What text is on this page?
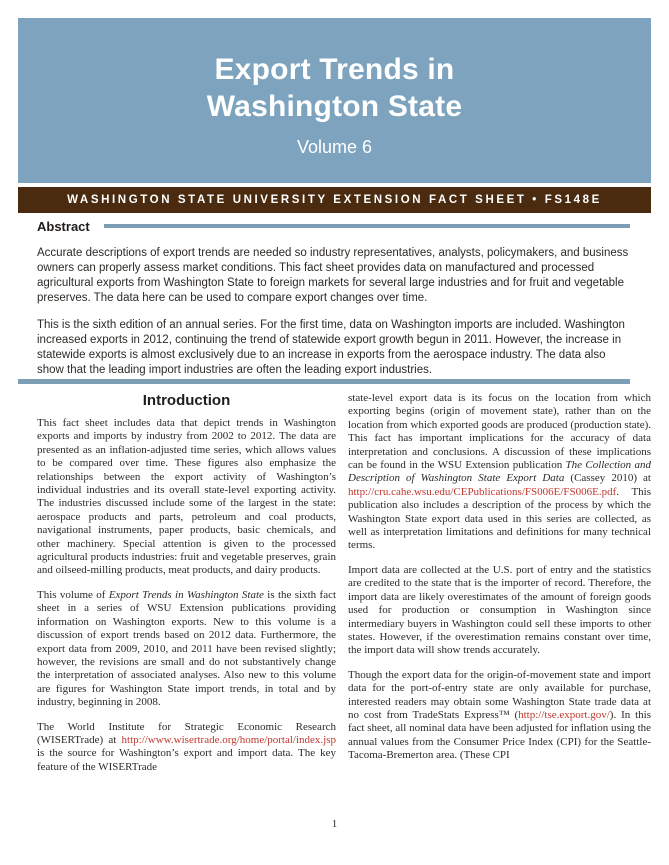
Export Trends in
Washington State
Volume 6
WASHINGTON STATE UNIVERSITY EXTENSION FACT SHEET • FS148E
Abstract

Accurate descriptions of export trends are needed so industry representatives, analysts, policymakers, and business owners can properly assess market conditions. This fact sheet provides data on manufactured and processed agricultural exports from Washington State to foreign markets for several large industries and for fruit and vegetable preserves. The data here can be used to compare export changes over time.

This is the sixth edition of an annual series. For the first time, data on Washington imports are included. Washington increased exports in 2012, continuing the trend of statewide export growth begun in 2011. However, the increase in statewide exports is almost exclusively due to an increase in exports from the aerospace industry. The data also show that the leading import industries are often the leading export industries.

Introduction

This fact sheet includes data that depict trends in Washington exports and imports by industry from 2002 to 2012. The data are presented as an inflation-adjusted time series, which allows values to be compared over time. These figures also emphasize the relationships between the export activity of Washington’s individual industries and its overall state-level exporting activity. The industries discussed include some of the largest in the state: aerospace products and parts, petroleum and coal products, navigational instruments, paper products, basic chemicals, and other machinery. Special attention is given to the processed agricultural products industries: fruit and vegetable preserves, grain and oilseed-milling products, meat products, and dairy products.

This volume of Export Trends in Washington State is the sixth fact sheet in a series of WSU Extension publications providing information on Washington exports. New to this volume is a discussion of export trends based on 2012 data. Furthermore, the export data from 2009, 2010, and 2011 have been revised slightly; however, the revisions are small and do not substantively change the interpretation of associated analyses. Also new to this volume are figures for Washington State import trends, in total and by industry, beginning in 2008.

The World Institute for Strategic Economic Research (WISERTrade) at http://www.wisertrade.org/home/portal/index.jsp is the source for Washington’s export and import data. The key feature of the WISERTrade

state-level export data is its focus on the location from which exporting begins (origin of movement state), rather than on the location from which exported goods are produced (production state). This fact has important implications for the accuracy of data interpretation and conclusions. A discussion of these implications can be found in the WSU Extension publication The Collection and Description of Washington State Export Data (Cassey 2010) at http://cru.cahe.wsu.edu/CEPublications/FS006E/FS006E.pdf. This publication also includes a description of the process by which the Washington State export data used in this series are collected, as well as interpretation limitations and definitions for many technical terms.

Import data are collected at the U.S. port of entry and the statistics are credited to the state that is the importer of record. Therefore, the import data are likely overestimates of the amount of foreign goods used for production or consumption in Washington since intermediary buyers in Washington could sell these imports to other states. However, if the overestimation remains constant over time, the import data will show trends accurately.

Though the export data for the origin-of-movement state and import data for the port-of-entry state are only available for purchase, interested readers may obtain some Washington State trade data at no cost from TradeStats Express™ (http://tse.export.gov/). In this fact sheet, all nominal data have been adjusted for inflation using the annual values from the Consumer Price Index (CPI) for the Seattle-Tacoma-Bremerton area. (These CPI

1
